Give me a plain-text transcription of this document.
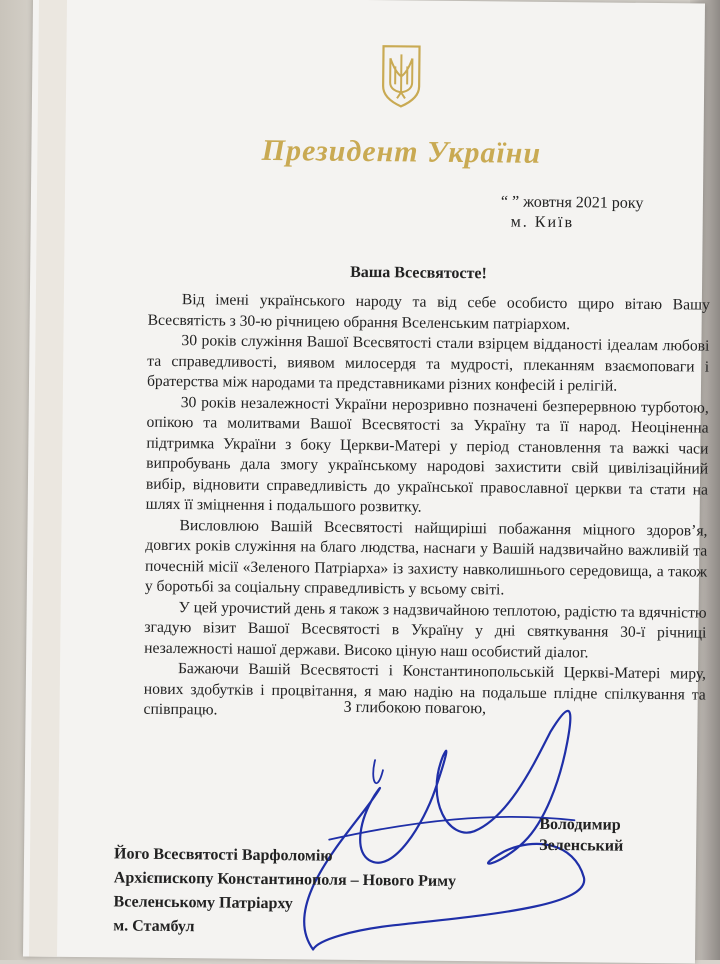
Президент України
“ ” жовтня 2021 року
м. Київ
Ваша Всесвятосте!

Від імені українського народу та від себе особисто щиро вітаю Вашу Всесвятість з 30-ю річницею обрання Вселенським патріархом.

30 років служіння Вашої Всесвятості стали взірцем відданості ідеалам любові та справедливості, виявом милосердя та мудрості, плеканням взаємоповаги і братерства між народами та представниками різних конфесій і релігій.

30 років незалежності України нерозривно позначені безперервною турботою, опікою та молитвами Вашої Всесвятості за Україну та її народ. Неоціненна підтримка України з боку Церкви-Матері у період становлення та важкі часи випробувань дала змогу українському народові захистити свій цивілізаційний вибір, відновити справедливість до української православної церкви та стати на шлях її зміцнення і подальшого розвитку.

Висловлюю Вашій Всесвятості найщиріші побажання міцного здоров’я, довгих років служіння на благо людства, наснаги у Вашій надзвичайно важливій та почесній місії «Зеленого Патріарха» із захисту навколишнього середовища, а також у боротьбі за соціальну справедливість у всьому світі.

У цей урочистий день я також з надзвичайною теплотою, радістю та вдячністю згадую візит Вашої Всесвятості в Україну у дні святкування 30-ї річниці незалежності нашої держави. Високо ціную наш особистий діалог.

Бажаючи Вашій Всесвятості і Константинопольській Церкві-Матері миру, нових здобутків і процвітання, я маю надію на подальше плідне спілкування та співпрацю.	З глибокою повагою,
Володимир Зеленський
Його Всесвятості Варфоломію
Архієпископу Константинополя – Нового Риму
Вселенському Патріарху
м. Стамбул
